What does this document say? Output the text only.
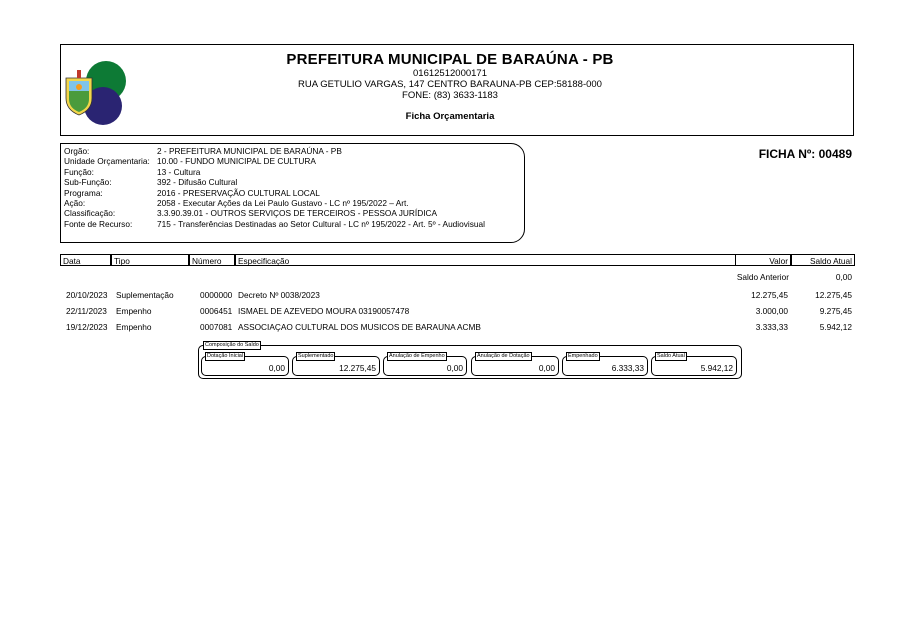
PREFEITURA MUNICIPAL DE BARAÚNA - PB
01612512000171
RUA GETULIO VARGAS, 147 CENTRO BARAUNA-PB CEP:58188-000
FONE: (83) 3633-1183
Ficha Orçamentaria
Orgão:	2 - PREFEITURA MUNICIPAL DE BARAÚNA - PB
Unidade Orçamentaria: 10.00 - FUNDO MUNICIPAL DE CULTURA
Função:	13 - Cultura
Sub-Função:	392 - Difusão Cultural
Programa:	2016 - PRESERVAÇÃO CULTURAL LOCAL
Ação:	2058 - Executar Ações da Lei Paulo Gustavo - LC nº 195/2022 – Art.
Classificação:	3.3.90.39.01 - OUTROS SERVIÇOS DE TERCEIROS - PESSOA JURÍDICA
Fonte de Recurso:	715 - Transferências Destinadas ao Setor Cultural - LC nº 195/2022 - Art. 5º - Audiovisual
FICHA Nº: 00489
Data	Tipo	Número	Especificação	Valor	Saldo Atual
Saldo Anterior	0,00
20/10/2023 Suplementação	0000000 Decreto Nº 0038/2023	12.275,45	12.275,45
22/11/2023 Empenho	0006451 ISMAEL DE AZEVEDO MOURA 03190057478	3.000,00	9.275,45
19/12/2023 Empenho	0007081 ASSOCIAÇAO CULTURAL DOS MUSICOS DE BARAUNA ACMB	3.333,33	5.942,12
Composição do Saldo
Dotação Inicial
0,00
Suplementado
12.275,45
Anulação de Empenho
0,00
Anulação de Dotação
0,00
Empenhado
6.333,33
Saldo Atual
5.942,12
